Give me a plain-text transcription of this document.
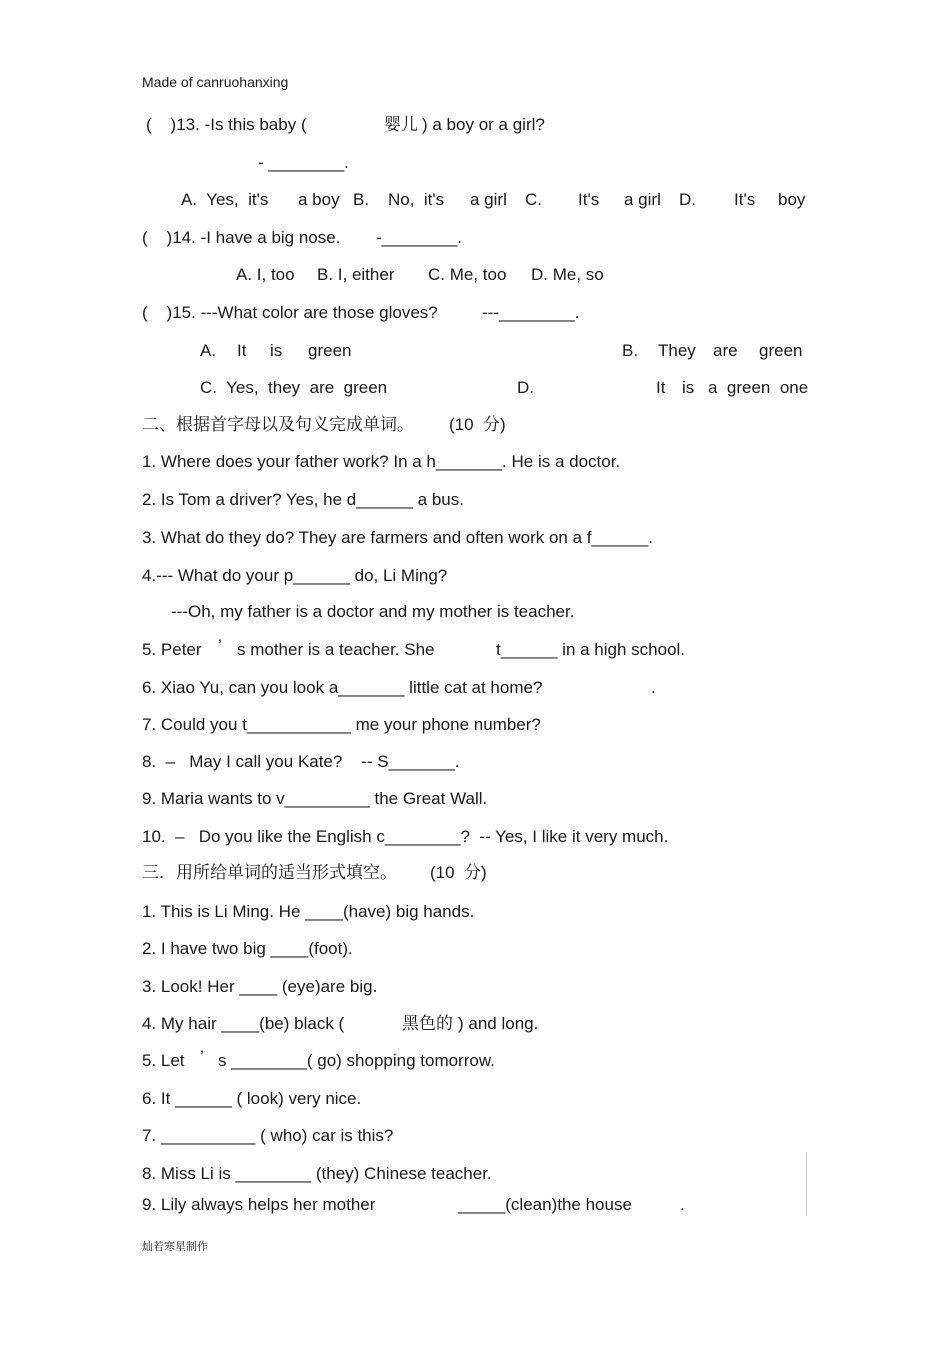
Made of canruohanxing
(    )13. -Is this baby (	婴儿 ) a boy or a girl?
- ________.
A.  Yes,  it's a boy B. No,  it's a girl C. It's a girl D. It's boy
(    )14. -I have a big nose. -________.
A. I, too B. I, either C. Me, too D. Me, so
(    )15. ---What color are those gloves?	---________.
A. It is green	B. They are green
C.  Yes,  they  are  green	D.	It is a  green  one
二、根据首字母以及句义完成单词。 (10  分)
1. Where does your father work? In a h_______. He is a doctor.
2. Is Tom a driver? Yes, he d______ a bus.
3. What do they do? They are farmers and often work on a f______.
4.--- What do your p______ do, Li Ming?
---Oh, my father is a doctor and my mother is teacher.
5. Peter ’ s mother is a teacher. She	t______ in a high school.
6. Xiao Yu, can you look a_______ little cat at home?	.
7. Could you t___________ me your phone number?
8.  –   May I call you Kate?    -- S_______.
9. Maria wants to v_________ the Great Wall.
10.  –   Do you like the English c________?  -- Yes, I like it very much.
三．用所给单词的适当形式填空。 (10  分)
1. This is Li Ming. He ____(have) big hands.
2. I have two big ____(foot).
3. Look! Her ____ (eye)are big.
4. My hair ____(be) black (	黑色的 ) and long.
5. Let ’ s ________( go) shopping tomorrow.
6. It ______ ( look) very nice.
7. __________ ( who) car is this?
8. Miss Li is ________ (they) Chinese teacher.
9. Lily always helps her mother	_____(clean)the house	.
灿若寒星制作
